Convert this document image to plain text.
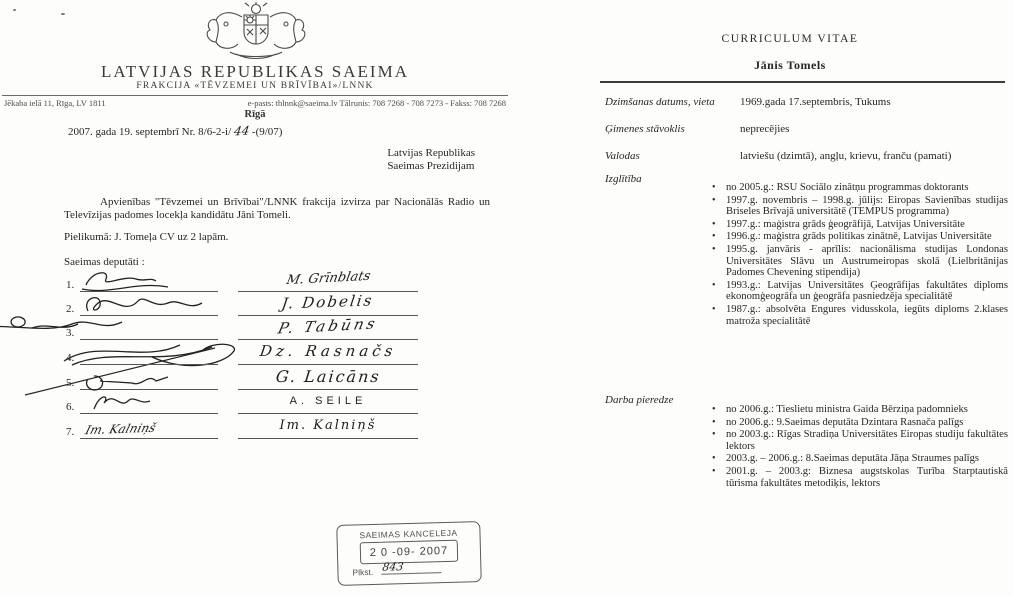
LATVIJAS REPUBLIKAS SAEIMA
FRAKCIJA «TĒVZEMEI UN BRĪVĪBAI»/LNNK
Jēkaba ielā 11, Rīga, LV 1811	e-pasts: tblnnk@saeima.lv Tālrunis: 708 7268 - 708 7273 - Fakss: 708 7268
Rīgā
2007. gada 19. septembrī Nr. 8/6-2-i/ 44 -(9/07)
Latvijas Republikas
Saeimas Prezidijam
Apvienības "Tēvzemei un Brīvībai"/LNNK frakcija izvirza par Nacionālās Radio un Televīzijas padomes locekļa kandidātu Jāni Tomeli.
Pielikumā: J. Tomeļa CV uz 2 lapām.
Saeimas deputāti :
1.	M. Grīnblats
2.	J. Dobelis
3.	P. Tabūns
4.	Dz. Rasnačs
5.	G. Laicāns
6.	A. SEILE
7. Im. Kalniņš	Im. Kalniņš
SAEIMAS KANCELEJA
2 0 -09- 2007
Plkst. 843
CURRICULUM VITAE
Jānis Tomels
Dzimšanas datums, vieta 1969.gada 17.septembris, Tukums
Ģimenes stāvoklis	neprecējies
Valodas	latviešu (dzimtā), angļu, krievu, franču (pamati)
Izglītība
• no 2005.g.: RSU Sociālo zinātņu programmas doktorants
• 1997.g. novembris – 1998.g. jūlijs: Eiropas Savienības studijas Briseles Brīvajā universitātē (TEMPUS programma)
• 1997.g.: maģistra grāds ģeogrāfijā, Latvijas Universitāte
• 1996.g.: maģistra grāds politikas zinātnē, Latvijas Universitāte
• 1995.g. janvāris - aprīlis: nacionālisma studijas Londonas Universitātes Slāvu un Austrumeiropas skolā (Lielbritānijas Padomes Chevening stipendija)
• 1993.g.: Latvijas Universitātes Ģeogrāfijas fakultātes diploms ekonomģeogrāfa un ģeogrāfa pasniedzēja specialitātē
• 1987.g.: absolvēta Engures vidusskola, iegūts diploms 2.klases matroža specialitātē
Darba pieredze
• no 2006.g.: Tieslietu ministra Gaida Bērziņa padomnieks
• no 2006.g.: 9.Saeimas deputāta Dzintara Rasnača palīgs
• no 2003.g.: Rīgas Stradiņa Universitātes Eiropas studiju fakultātes lektors
• 2003.g. – 2006.g.: 8.Saeimas deputāta Jāņa Straumes palīgs
• 2001.g. – 2003.g: Biznesa augstskolas Turība Starptautiskā tūrisma fakultātes metodiķis, lektors
